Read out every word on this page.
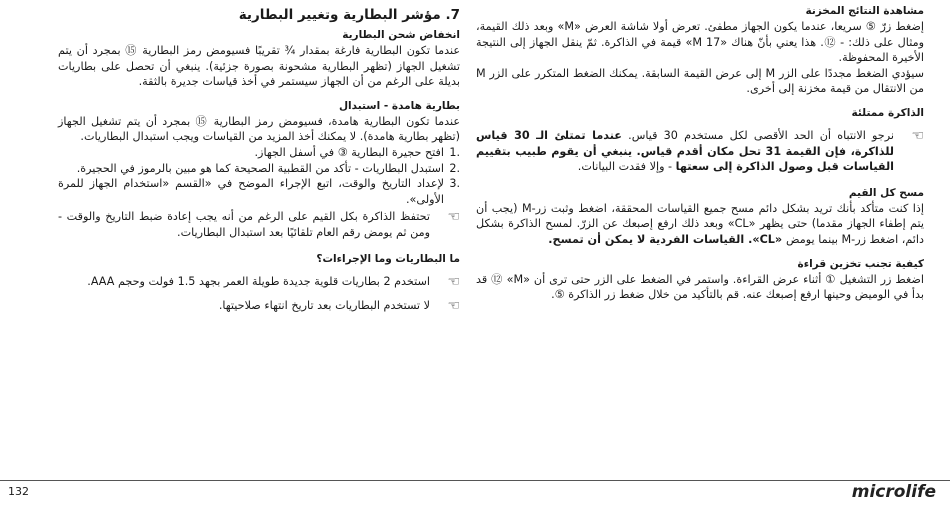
مشاهدة النتائج المخزنة

إضغط زرّ ⑤ سريعا، عندما يكون الجهاز مطفئ. تعرض أولا شاشة العرض «M» وبعد ذلك القيمة، ومثال على ذلك: - ⑫. هذا يعني بأنّ هناك «M 17» قيمة في الذاكرة. ثمّ ينقل الجهاز إلى النتيجة الأخيرة المحفوظة.

سيؤدي الضغط مجددًا على الزر M إلى عرض القيمة السابقة. يمكنك الضغط المتكرر على الزر M من الانتقال من قيمة مخزنة إلى أخرى.

الذاكرة ممتلئة

☜
نرجو الانتباه أن الحد الأقصى لكل مستخدم 30 قياس. عندما تمتلئ الـ 30 قياس للذاكرة، فإن القيمة 31 تحل مكان أقدم قياس. ينبغي أن يقوم طبيب بتقييم القياسات قبل وصول الذاكرة إلى سعتها - وإلا فقدت البيانات.

مسح كل القيم

إذا كنت متأكد بأنك تريد بشكل دائم مسح جميع القياسات المحققة، اضغط وثبت زر-M (يجب أن يتم إطفاء الجهاز مقدما) حتى يظهر «CL» وبعد ذلك ارفع إصبعك عن الزرّ. لمسح الذاكرة بشكل دائم، اضغط زر-M بينما يومض «CL». القياسات الفردية لا يمكن أن تمسح.

كيفية تجنب تخزين قراءة

اضغط زر التشغيل ① أثناء عرض القراءة. واستمر في الضغط على الزر حتى ترى أن «M» ⑫ قد بدأ في الوميض وحينها ارفع إصبعك عنه. قم بالتأكيد من خلال ضغط زر الذاكرة ⑤.

7. مؤشر البطارية وتغيير البطارية

انخفاض شحن البطارية

عندما تكون البطارية فارغة بمقدار ¾ تقريبًا فسيومض رمز البطارية ⑮ بمجرد أن يتم تشغيل الجهاز (تظهر البطارية مشحونة بصورة جزئية). ينبغي أن تحصل على بطاريات بديلة على الرغم من أن الجهاز سيستمر في أخذ قياسات جديرة بالثقة.

بطارية هامدة - استبدال

عندما تكون البطارية هامدة، فسيومض رمز البطارية ⑮ بمجرد أن يتم تشغيل الجهاز (تظهر بطارية هامدة). لا يمكنك أخذ المزيد من القياسات ويجب استبدال البطاريات.

.1
افتح حجيرة البطارية ③ في أسفل الجهاز.
.2
استبدل البطاريات - تأكد من القطبية الصحيحة كما هو مبين بالرموز في الحجيرة.
.3
لإعداد التاريخ والوقت، اتبع الإجراء الموضح في «القسم «استخدام الجهاز للمرة الأولى».
☜
تحتفظ الذاكرة بكل القيم على الرغم من أنه يجب إعادة ضبط التاريخ والوقت - ومن ثم يومض رقم العام تلقائيًا بعد استبدال البطاريات.

ما البطاريات وما الإجراءات؟

☜
استخدم 2 بطاريات قلوية جديدة طويلة العمر بجهد 1.5 فولت وحجم AAA.
☜
لا تستخدم البطاريات بعد تاريخ انتهاء صلاحيتها.
132	microlife
